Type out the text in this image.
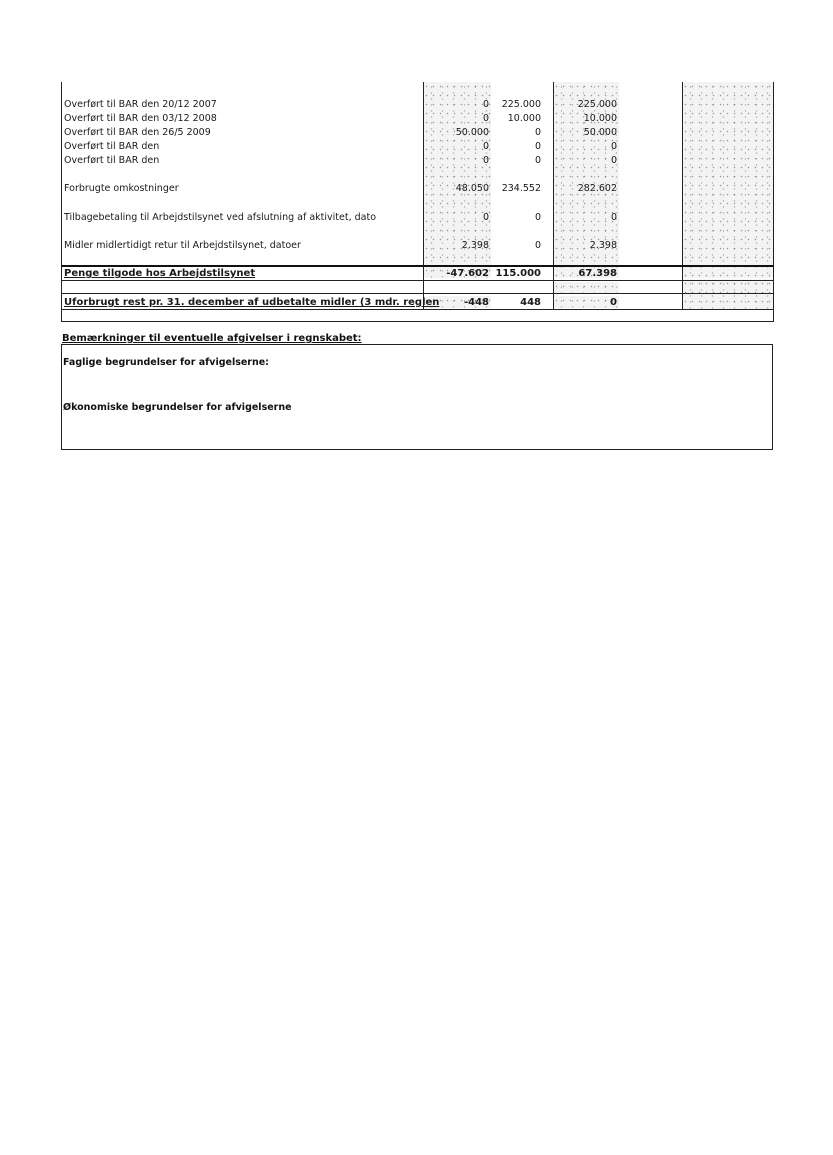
Overført til BAR den 20/12 2007	0	225.000	225.000
Overført til BAR den 03/12 2008	0	10.000	10.000
Overført til BAR den 26/5 2009	50.000	0	50.000
Overført til BAR den	0	0	0
Overført til BAR den	0	0	0
Forbrugte omkostninger	48.050	234.552	282.602
Tilbagebetaling til Arbejdstilsynet ved afslutning af aktivitet, dato	0	0	0
Midler midlertidigt retur til Arbejdstilsynet, datoer	2.398	0	2.398
Penge tilgode hos Arbejdstilsynet	-47.602 115.000	67.398
Uforbrugt rest pr. 31. december af udbetalte midler (3 mdr. reglen	-448	448	0
Bemærkninger til eventuelle afgivelser i regnskabet:
Faglige begrundelser for afvigelserne:
Økonomiske begrundelser for afvigelserne
